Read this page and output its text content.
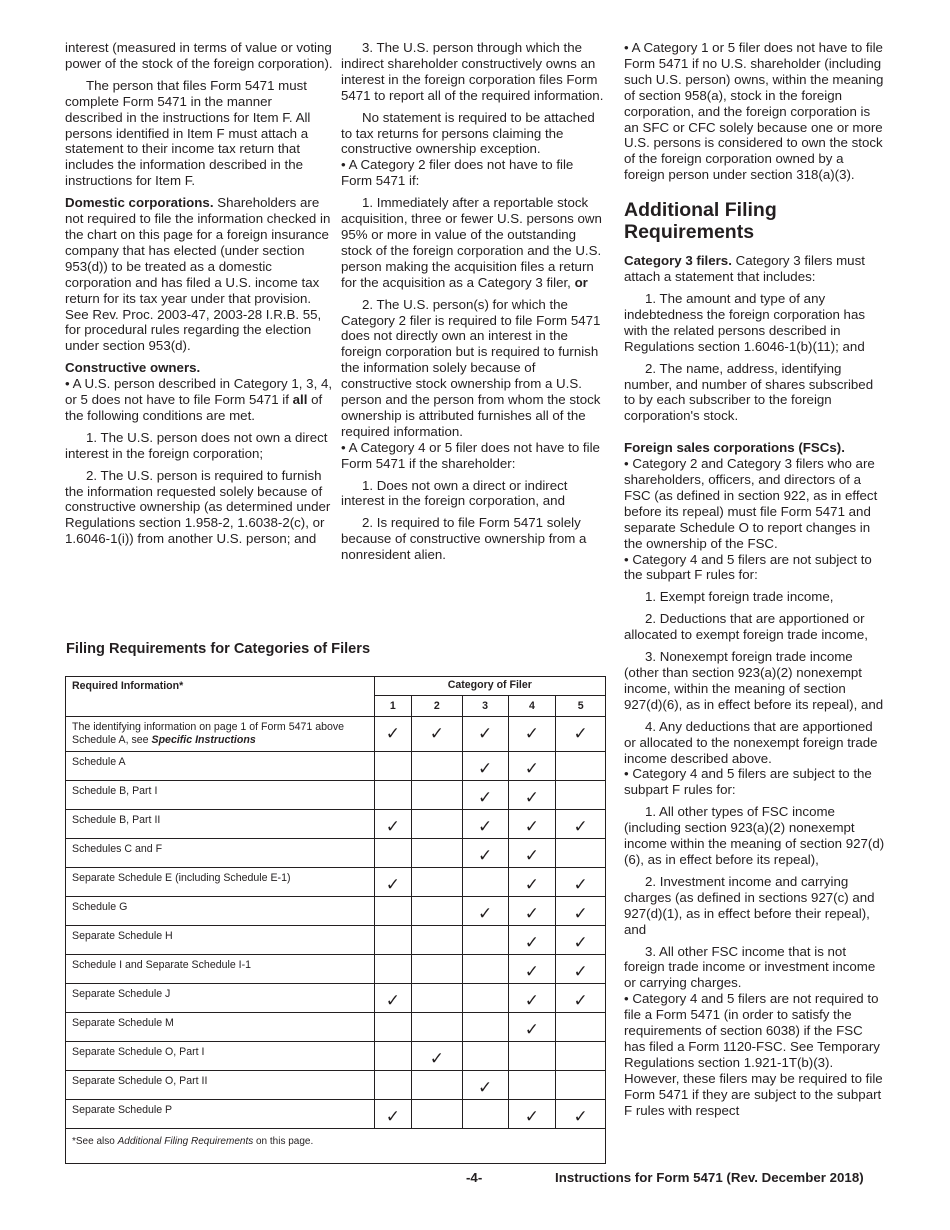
interest (measured in terms of value or voting power of the stock of the foreign corporation).

The person that files Form 5471 must complete Form 5471 in the manner described in the instructions for Item F. All persons identified in Item F must attach a statement to their income tax return that includes the information described in the instructions for Item F.

Domestic corporations. Shareholders are not required to file the information checked in the chart on this page for a foreign insurance company that has elected (under section 953(d)) to be treated as a domestic corporation and has filed a U.S. income tax return for its tax year under that provision. See Rev. Proc. 2003-47, 2003-28 I.R.B. 55, for procedural rules regarding the election under section 953(d).

Constructive owners.

• A U.S. person described in Category 1, 3, 4, or 5 does not have to file Form 5471 if all of the following conditions are met.

1. The U.S. person does not own a direct interest in the foreign corporation;

2. The U.S. person is required to furnish the information requested solely because of constructive ownership (as determined under Regulations section 1.958-2, 1.6038-2(c), or 1.6046-1(i)) from another U.S. person; and

3. The U.S. person through which the indirect shareholder constructively owns an interest in the foreign corporation files Form 5471 to report all of the required information.

No statement is required to be attached to tax returns for persons claiming the constructive ownership exception.

• A Category 2 filer does not have to file Form 5471 if:

1. Immediately after a reportable stock acquisition, three or fewer U.S. persons own 95% or more in value of the outstanding stock of the foreign corporation and the U.S. person making the acquisition files a return for the acquisition as a Category 3 filer, or

2. The U.S. person(s) for which the Category 2 filer is required to file Form 5471 does not directly own an interest in the foreign corporation but is required to furnish the information solely because of constructive stock ownership from a U.S. person and the person from whom the stock ownership is attributed furnishes all of the required information.

• A Category 4 or 5 filer does not have to file Form 5471 if the shareholder:

1. Does not own a direct or indirect interest in the foreign corporation, and

2. Is required to file Form 5471 solely because of constructive ownership from a nonresident alien.

• A Category 1 or 5 filer does not have to file Form 5471 if no U.S. shareholder (including such U.S. person) owns, within the meaning of section 958(a), stock in the foreign corporation, and the foreign corporation is an SFC or CFC solely because one or more U.S. persons is considered to own the stock of the foreign corporation owned by a foreign person under section 318(a)(3).

Additional Filing Requirements

Category 3 filers. Category 3 filers must attach a statement that includes:

1. The amount and type of any indebtedness the foreign corporation has with the related persons described in Regulations section 1.6046-1(b)(11); and

2. The name, address, identifying number, and number of shares subscribed to by each subscriber to the foreign corporation's stock.

Foreign sales corporations (FSCs).

• Category 2 and Category 3 filers who are shareholders, officers, and directors of a FSC (as defined in section 922, as in effect before its repeal) must file Form 5471 and separate Schedule O to report changes in the ownership of the FSC.

• Category 4 and 5 filers are not subject to the subpart F rules for:

1. Exempt foreign trade income,

2. Deductions that are apportioned or allocated to exempt foreign trade income,

3. Nonexempt foreign trade income (other than section 923(a)(2) nonexempt income, within the meaning of section 927(d)(6), as in effect before its repeal), and

4. Any deductions that are apportioned or allocated to the nonexempt foreign trade income described above.

• Category 4 and 5 filers are subject to the subpart F rules for:

1. All other types of FSC income (including section 923(a)(2) nonexempt income within the meaning of section 927(d)(6), as in effect before its repeal),

2. Investment income and carrying charges (as defined in sections 927(c) and 927(d)(1), as in effect before their repeal), and

3. All other FSC income that is not foreign trade income or investment income or carrying charges.

• Category 4 and 5 filers are not required to file a Form 5471 (in order to satisfy the requirements of section 6038) if the FSC has filed a Form 1120-FSC. See Temporary Regulations section 1.921-1T(b)(3). However, these filers may be required to file Form 5471 if they are subject to the subpart F rules with respect

Filing Requirements for Categories of Filers
Required Information*	Category of Filer				
	1	2	3	4	5
The identifying information on page 1 of Form 5471 above Schedule A, see Specific Instructions	✓	✓	✓	✓	✓
Schedule A			✓	✓	
Schedule B, Part I			✓	✓	
Schedule B, Part II	✓		✓	✓	✓
Schedules C and F			✓	✓	
Separate Schedule E (including Schedule E-1)	✓			✓	✓
Schedule G			✓	✓	✓
Separate Schedule H				✓	✓
Schedule I and Separate Schedule I-1				✓	✓
Separate Schedule J	✓			✓	✓
Separate Schedule M				✓	
Separate Schedule O, Part I		✓			
Separate Schedule O, Part II			✓		
Separate Schedule P	✓			✓	✓
*See also Additional Filing Requirements on this page.					
-4-	Instructions for Form 5471 (Rev. December 2018)
